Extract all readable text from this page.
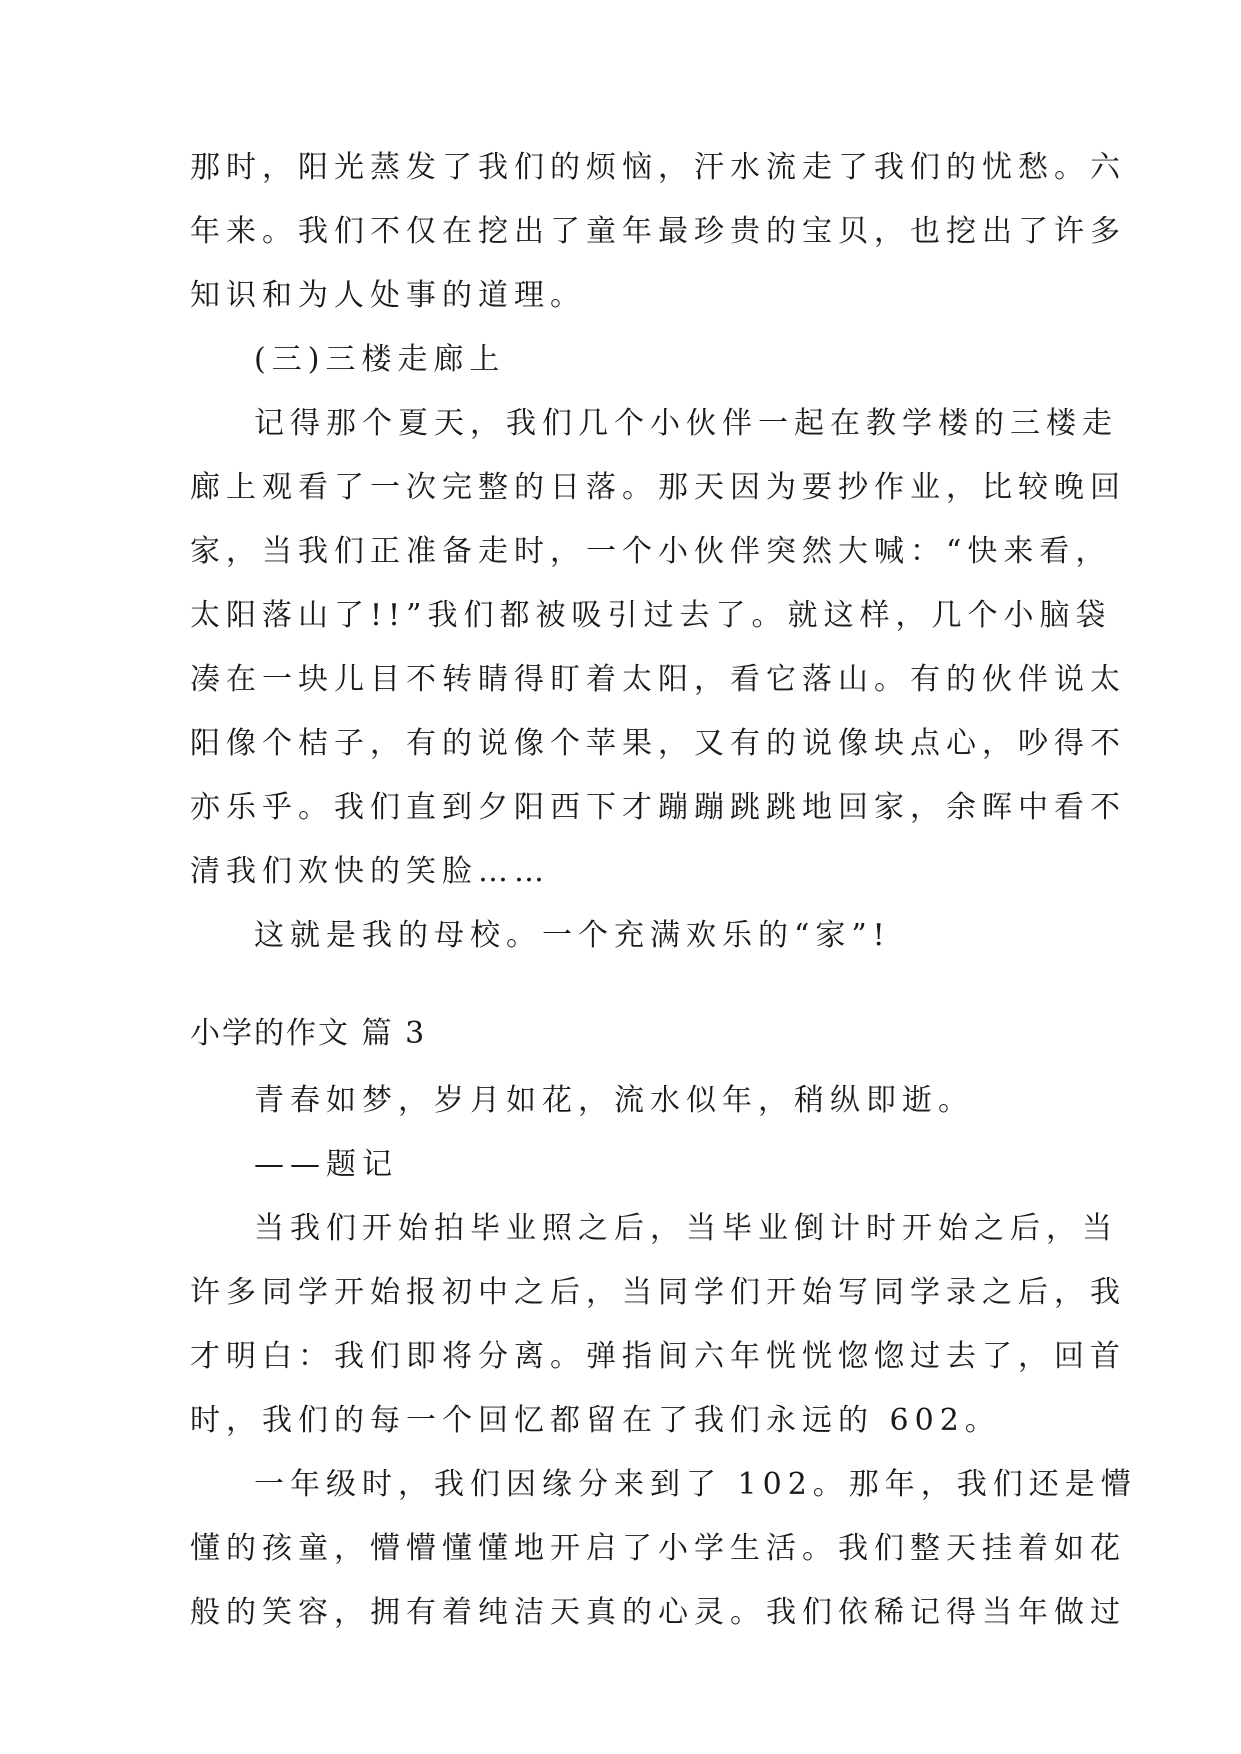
那时，阳光蒸发了我们的烦恼，汗水流走了我们的忧愁。六
年来。我们不仅在挖出了童年最珍贵的宝贝，也挖出了许多
知识和为人处事的道理。
(三)三楼走廊上
记得那个夏天，我们几个小伙伴一起在教学楼的三楼走
廊上观看了一次完整的日落。那天因为要抄作业，比较晚回
家，当我们正准备走时，一个小伙伴突然大喊：“快来看，
太阳落山了!!”我们都被吸引过去了。就这样，几个小脑袋
凑在一块儿目不转睛得盯着太阳，看它落山。有的伙伴说太
阳像个桔子，有的说像个苹果，又有的说像块点心，吵得不
亦乐乎。我们直到夕阳西下才蹦蹦跳跳地回家，余晖中看不
清我们欢快的笑脸……
这就是我的母校。一个充满欢乐的“家”!
小学的作文 篇 3
青春如梦，岁月如花，流水似年，稍纵即逝。
——题记
当我们开始拍毕业照之后，当毕业倒计时开始之后，当
许多同学开始报初中之后，当同学们开始写同学录之后，我
才明白：我们即将分离。弹指间六年恍恍惚惚过去了，回首
时，我们的每一个回忆都留在了我们永远的 602。
一年级时，我们因缘分来到了 102。那年，我们还是懵
懂的孩童，懵懵懂懂地开启了小学生活。我们整天挂着如花
般的笑容，拥有着纯洁天真的心灵。我们依稀记得当年做过
